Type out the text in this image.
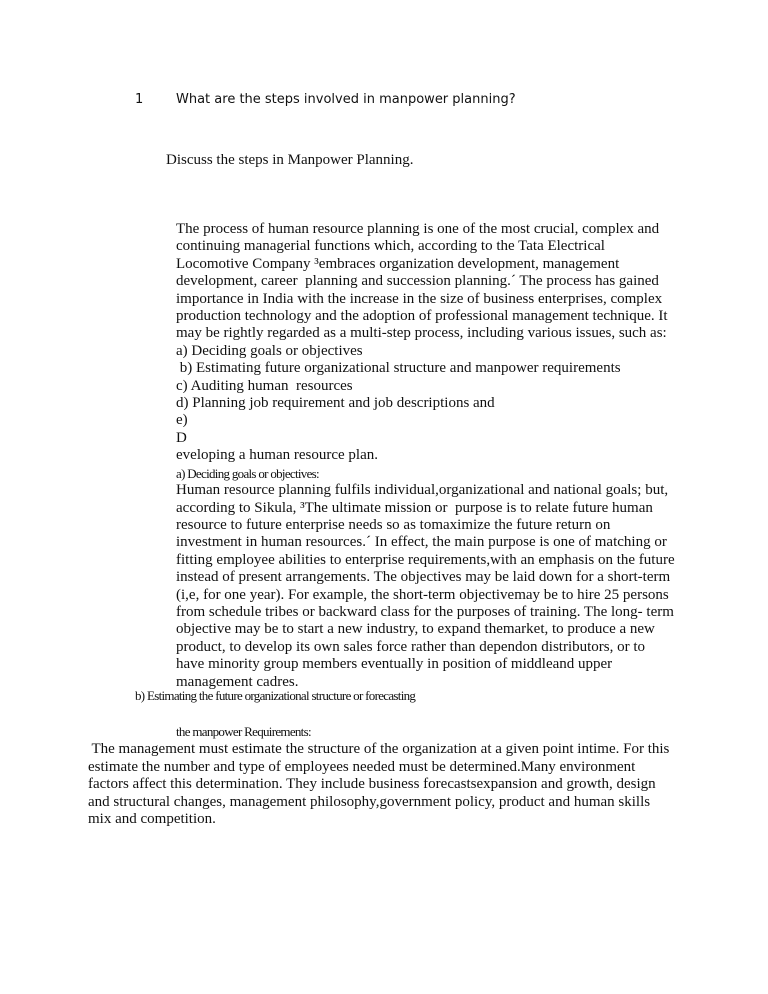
1	What are the steps involved in manpower planning?
Discuss the steps in Manpower Planning.
The process of human resource planning is one of the most crucial, complex and
continuing managerial functions which, according to the Tata Electrical
Locomotive Company ³embraces organization development, management
development, career  planning and succession planning.´ The process has gained
importance in India with the increase in the size of business enterprises, complex
production technology and the adoption of professional management technique. It
may be rightly regarded as a multi-step process, including various issues, such as:
a) Deciding goals or objectives
b) Estimating future organizational structure and manpower requirements
c) Auditing human  resources
d) Planning job requirement and job descriptions and
e)
D
eveloping a human resource plan.
a) Deciding goals or objectives:
Human resource planning fulfils individual,organizational and national goals; but,
according to Sikula, ³The ultimate mission or  purpose is to relate future human
resource to future enterprise needs so as tomaximize the future return on
investment in human resources.´ In effect, the main purpose is one of matching or
fitting employee abilities to enterprise requirements,with an emphasis on the future
instead of present arrangements. The objectives may be laid down for a short-term
(i,e, for one year). For example, the short-term objectivemay be to hire 25 persons
from schedule tribes or backward class for the purposes of training. The long- term
objective may be to start a new industry, to expand themarket, to produce a new
product, to develop its own sales force rather than dependon distributors, or to
have minority group members eventually in position of middleand upper
management cadres.
b) Estimating the future organizational structure or forecasting
the manpower Requirements:
The management must estimate the structure of the organization at a given point intime. For this
estimate the number and type of employees needed must be determined.Many environment
factors affect this determination. They include business forecastsexpansion and growth, design
and structural changes, management philosophy,government policy, product and human skills
mix and competition.
